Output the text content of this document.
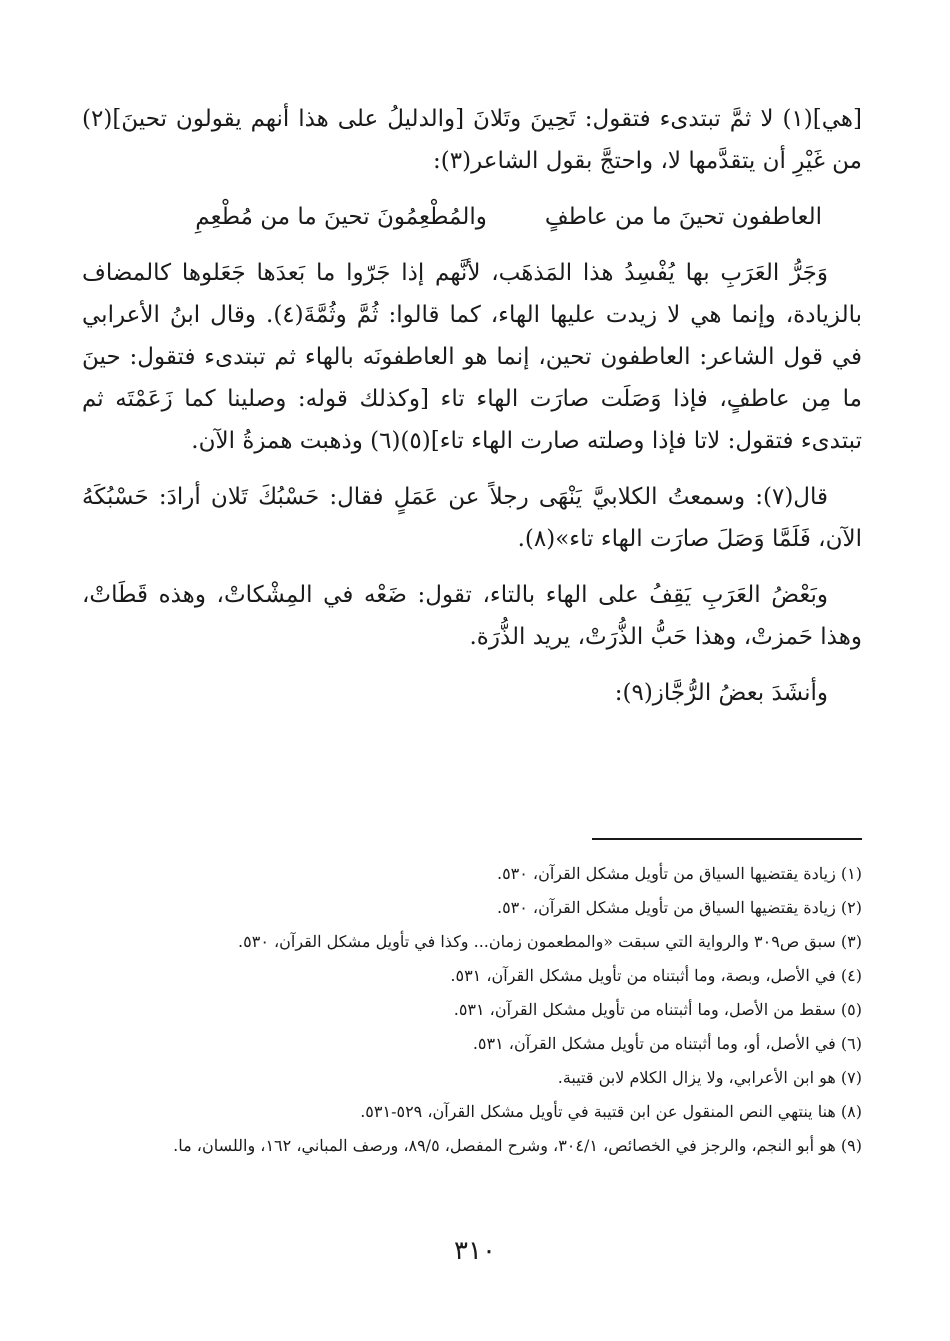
[هي](١) لا ثمَّ تبتدىء فتقول: تَحِينَ وتَلانَ [والدليلُ على هذا أنهم يقولون تحينَ](٢) من غَيْرِ أن يتقدَّمها لا، واحتجَّ بقول الشاعر(٣):

العاطفون تحينَ ما من عاطفٍ
والمُطْعِمُونَ تحينَ ما من مُطْعِمِ

وَجَرُّ العَرَبِ بها يُفْسِدُ هذا المَذهَب، لأنَّهم إذا جَرّوا ما بَعدَها جَعَلوها كالمضاف بالزيادة، وإنما هي لا زيدت عليها الهاء، كما قالوا: ثُمَّ وثُمَّةَ(٤). وقال ابنُ الأعرابي في قول الشاعر: العاطفون تحين، إنما هو العاطفونَه بالهاء ثم تبتدىء فتقول: حينَ ما مِن عاطفٍ، فإذا وَصَلَت صارَت الهاء تاء [وكذلك قوله: وصلينا كما زَعَمْتَه ثم تبتدىء فتقول: لاتا فإذا وصلته صارت الهاء تاء](٥)(٦) وذهبت همزةُ الآن.

قال(٧): وسمعتُ الكلابيَّ يَنْهَى رجلاً عن عَمَلٍ فقال: حَسْبُكَ تَلان أرادَ: حَسْبُكَهُ الآن، فَلَمَّا وَصَلَ صارَت الهاء تاء»(٨).

وبَعْضُ العَرَبِ يَقِفُ على الهاء بالتاء، تقول: ضَعْه في المِشْكاتْ، وهذه قَطَاتْ، وهذا حَمزتْ، وهذا حَبُّ الذُّرَتْ، يريد الذُّرَة.

وأنشَدَ بعضُ الرُّجَّاز(٩):

(١) زيادة يقتضيها السياق من تأويل مشكل القرآن، ٥٣٠.

(٢) زيادة يقتضيها السياق من تأويل مشكل القرآن، ٥٣٠.

(٣) سبق ص٣٠٩ والرواية التي سبقت «والمطعمون زمان... وكذا في تأويل مشكل القرآن، ٥٣٠.

(٤) في الأصل، وبصة، وما أثبتناه من تأويل مشكل القرآن، ٥٣١.

(٥) سقط من الأصل، وما أثبتناه من تأويل مشكل القرآن، ٥٣١.

(٦) في الأصل، أو، وما أثبتناه من تأويل مشكل القرآن، ٥٣١.

(٧) هو ابن الأعرابي، ولا يزال الكلام لابن قتيبة.

(٨) هنا ينتهي النص المنقول عن ابن قتيبة في تأويل مشكل القرآن، ٥٢٩-٥٣١.

(٩) هو أبو النجم، والرجز في الخصائص، ٣٠٤/١، وشرح المفصل، ٨٩/٥، ورصف المباني، ١٦٢، واللسان، ما.

٣١٠
